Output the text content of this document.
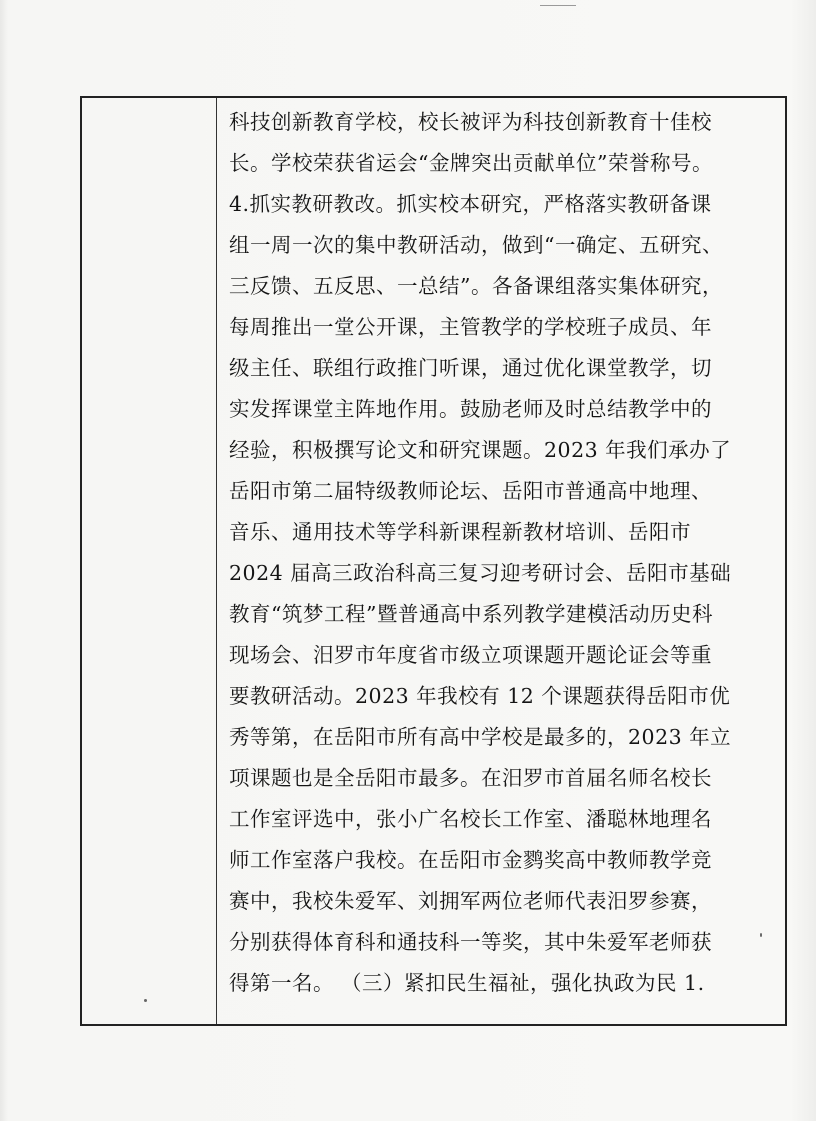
科技创新教育学校，校长被评为科技创新教育十佳校
长。学校荣获省运会“金牌突出贡献单位”荣誉称号。
4.抓实教研教改。抓实校本研究，严格落实教研备课
组一周一次的集中教研活动，做到“一确定、五研究、
三反馈、五反思、一总结”。各备课组落实集体研究，
每周推出一堂公开课，主管教学的学校班子成员、年
级主任、联组行政推门听课，通过优化课堂教学，切
实发挥课堂主阵地作用。鼓励老师及时总结教学中的
经验，积极撰写论文和研究课题。2023 年我们承办了
岳阳市第二届特级教师论坛、岳阳市普通高中地理、
音乐、通用技术等学科新课程新教材培训、岳阳市
2024 届高三政治科高三复习迎考研讨会、岳阳市基础
教育“筑梦工程”暨普通高中系列教学建模活动历史科
现场会、汨罗市年度省市级立项课题开题论证会等重
要教研活动。2023 年我校有 12 个课题获得岳阳市优
秀等第，在岳阳市所有高中学校是最多的，2023 年立
项课题也是全岳阳市最多。在汨罗市首届名师名校长
工作室评选中，张小广名校长工作室、潘聪林地理名
师工作室落户我校。在岳阳市金鹨奖高中教师教学竞
赛中，我校朱爱军、刘拥军两位老师代表汨罗参赛，
分别获得体育科和通技科一等奖，其中朱爱军老师获
得第一名。 （三）紧扣民生福祉，强化执政为民 1.
